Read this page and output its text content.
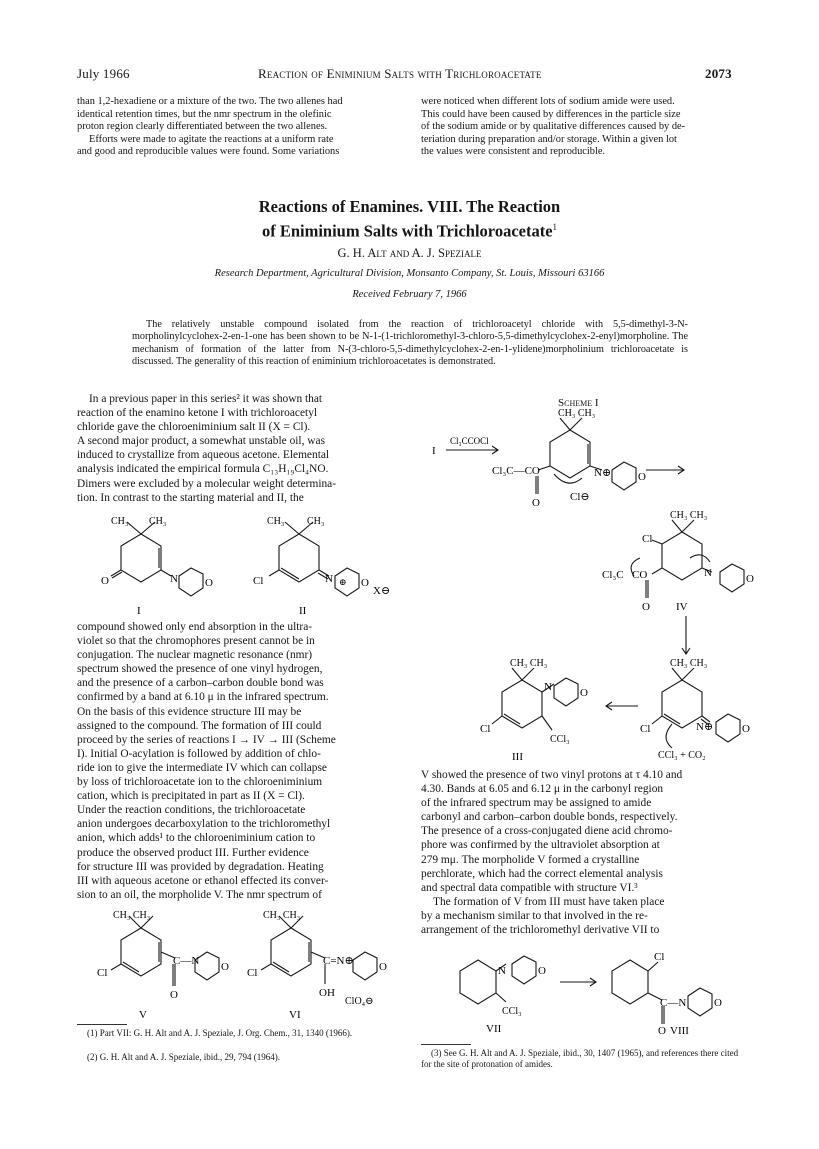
July 1966	Reaction of Eniminium Salts with Trichloroacetate	2073
than 1,2-hexadiene or a mixture of the two. The two allenes had
identical retention times, but the nmr spectrum in the olefinic
proton region clearly differentiated between the two allenes.
Efforts were made to agitate the reactions at a uniform rate
and good and reproducible values were found. Some variations
were noticed when different lots of sodium amide were used.
This could have been caused by differences in the particle size
of the sodium amide or by qualitative differences caused by de-
teriation during preparation and/or storage. Within a given lot
the values were consistent and reproducible.
Reactions of Enamines. VIII. The Reaction
of Eniminium Salts with Trichloroacetate$^1$
G. H. Alt and A. J. Speziale
Research Department, Agricultural Division, Monsanto Company, St. Louis, Missouri 63166
Received February 7, 1966
The relatively unstable compound isolated from the reaction of trichloroacetyl chloride with 5,5-dimethyl-3-N-morpholinylcyclohex-2-en-1-one has been shown to be N-1-(1-trichloromethyl-3-chloro-5,5-dimethylcyclohex-2-enyl)morpholine. The mechanism of formation of the latter from N-(3-chloro-5,5-dimethylcyclohex-2-en-1-ylidene)morpholinium trichloroacetate is discussed. The generality of this reaction of eniminium trichloroacetates is demonstrated.
In a previous paper in this series² it was shown that
reaction of the enamino ketone I with trichloroacetyl
chloride gave the chloroeniminium salt II (X = Cl).
A second major product, a somewhat unstable oil, was
induced to crystallize from aqueous acetone. Elemental
analysis indicated the empirical formula C₁₃H₁₉Cl₄NO.
Dimers were excluded by a molecular weight determina-
tion. In contrast to the starting material and II, the
CH₃ CH₃
O	N O
I
CH₃ CH₃
Cl	N ⊕ O
X⊖
II
compound showed only end absorption in the ultra-
violet so that the chromophores present cannot be in
conjugation. The nuclear magnetic resonance (nmr)
spectrum showed the presence of one vinyl hydrogen,
and the presence of a carbon–carbon double bond was
confirmed by a band at 6.10 μ in the infrared spectrum.
On the basis of this evidence structure III may be
assigned to the compound. The formation of III could
proceed by the series of reactions I → IV → III (Scheme
I). Initial O-acylation is followed by addition of chlo-
ride ion to give the intermediate IV which can collapse
by loss of trichloroacetate ion to the chloroeniminium
cation, which is precipitated in part as II (X = Cl).
Under the reaction conditions, the trichloroacetate
anion undergoes decarboxylation to the trichloromethyl
anion, which adds¹ to the chloroeniminium cation to
produce the observed product III. Further evidence
for structure III was provided by degradation. Heating
III with aqueous acetone or ethanol effected its conver-
sion to an oil, the morpholide V. The nmr spectrum of
CH₃ CH₃
Cl
C—N O
O
V
CH₃ CH₃
Cl
C=N⊕ O
OH
ClO₄⊖
VI
(1) Part VII: G. H. Alt and A. J. Speziale, J. Org. Chem., 31, 1340 (1966).
(2) G. H. Alt and A. J. Speziale, ibid., 29, 794 (1964).
Scheme I
I
Cl₃CCOCl
CH₃ CH₃
Cl₃C—CO
O
N⊕ O
Cl⊖
CH₃ CH₃
Cl
Cl₃C CO
O
N	O
IV
CH₃ CH₃
Cl
N	O
CCl₃
III
CH₃ CH₃
Cl	N⊕	O
CCl₃ + CO₂
V showed the presence of two vinyl protons at τ 4.10 and
4.30. Bands at 6.05 and 6.12 μ in the carbonyl region
of the infrared spectrum may be assigned to amide
carbonyl and carbon–carbon double bonds, respectively.
The presence of a cross-conjugated diene acid chromo-
phore was confirmed by the ultraviolet absorption at
279 mμ. The morpholide V formed a crystalline
perchlorate, which had the correct elemental analysis
and spectral data compatible with structure VI.³
The formation of V from III must have taken place
by a mechanism similar to that involved in the re-
arrangement of the trichloromethyl derivative VII to
N	O
CCl₃
VII
Cl
C—N	O
O VIII
(3) See G. H. Alt and A. J. Speziale, ibid., 30, 1407 (1965), and references there cited for the site of protonation of amides.
